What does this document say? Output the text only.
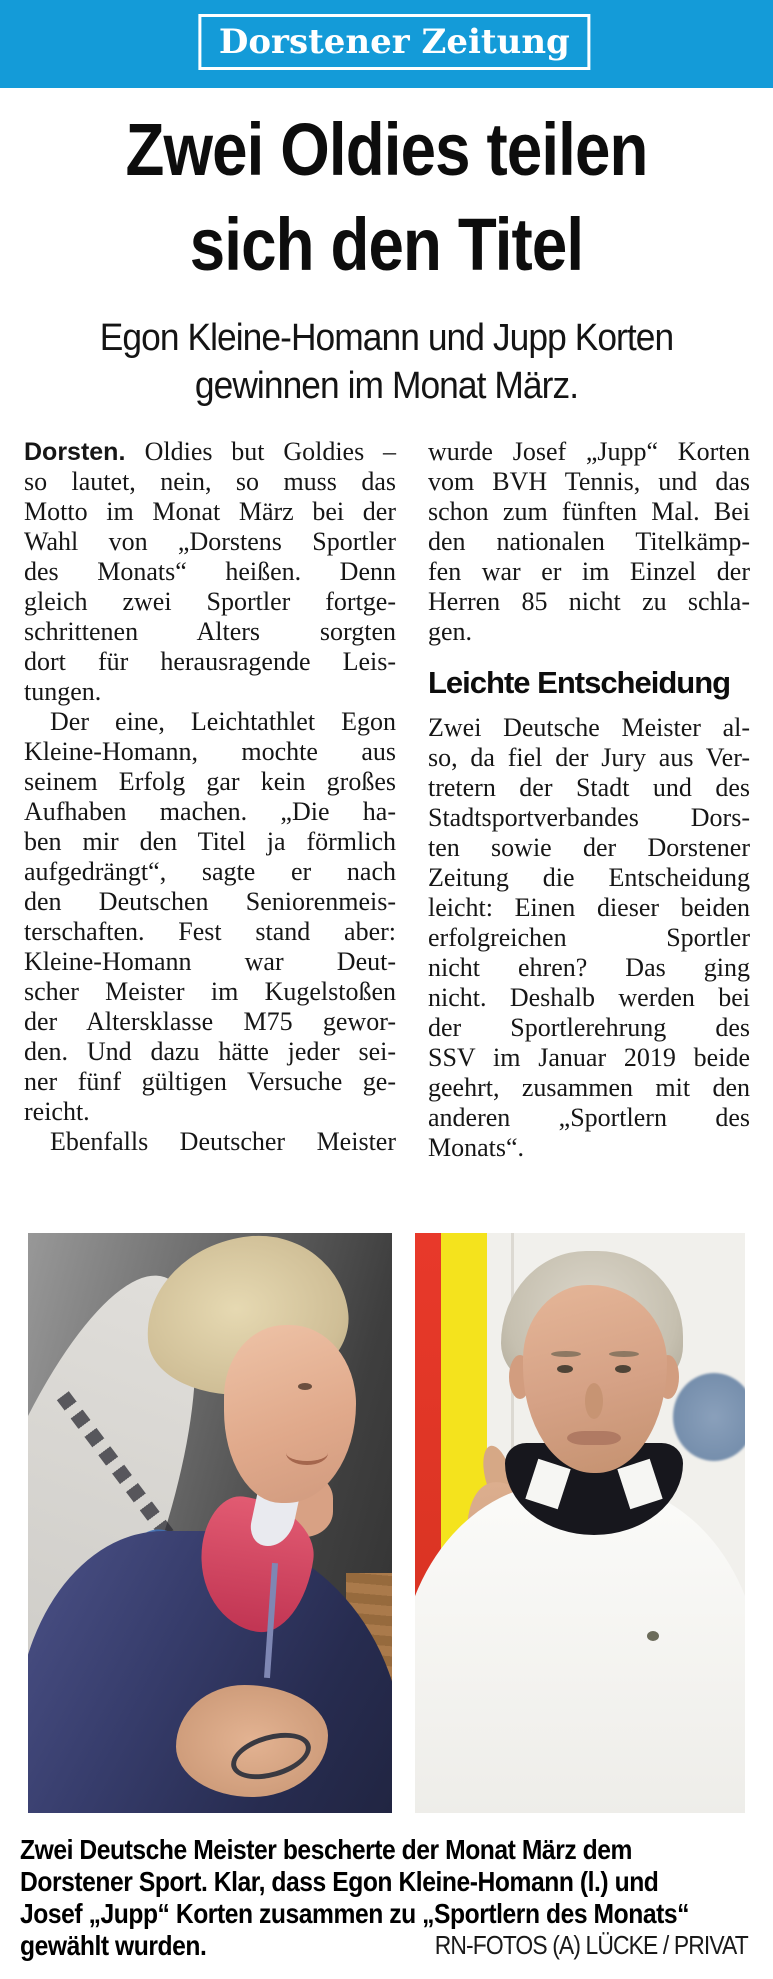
Dorstener Zeitung
Zwei Oldies teilen
sich den Titel
Egon Kleine-Homann und Jupp Korten
gewinnen im Monat März.
Dorsten. Oldies but Goldies –
so lautet, nein, so muss das
Motto im Monat März bei der
Wahl von „Dorstens Sportler
des Monats“ heißen. Denn
gleich zwei Sportler fortge-
schrittenen Alters sorgten
dort für herausragende Leis-
tungen.
Der eine, Leichtathlet Egon
Kleine-Homann, mochte aus
seinem Erfolg gar kein großes
Aufhaben machen. „Die ha-
ben mir den Titel ja förmlich
aufgedrängt“, sagte er nach
den Deutschen Seniorenmeis-
terschaften. Fest stand aber:
Kleine-Homann war Deut-
scher Meister im Kugelstoßen
der Altersklasse M75 gewor-
den. Und dazu hätte jeder sei-
ner fünf gültigen Versuche ge-
reicht.
Ebenfalls Deutscher Meister
wurde Josef „Jupp“ Korten
vom BVH Tennis, und das
schon zum fünften Mal. Bei
den nationalen Titelkämp-
fen war er im Einzel der
Herren 85 nicht zu schla-
gen.
Leichte Entscheidung
Zwei Deutsche Meister al-
so, da fiel der Jury aus Ver-
tretern der Stadt und des
Stadtsportverbandes Dors-
ten sowie der Dorstener
Zeitung die Entscheidung
leicht: Einen dieser beiden
erfolgreichen Sportler
nicht ehren? Das ging
nicht. Deshalb werden bei
der Sportlerehrung des
SSV im Januar 2019 beide
geehrt, zusammen mit den
anderen „Sportlern des
Monats“.
Zwei Deutsche Meister bescherte der Monat März dem
Dorstener Sport. Klar, dass Egon Kleine-Homann (l.) und
Josef „Jupp“ Korten zusammen zu „Sportlern des Monats“
gewählt wurden.	RN-FOTOS (A) LÜCKE / PRIVAT
